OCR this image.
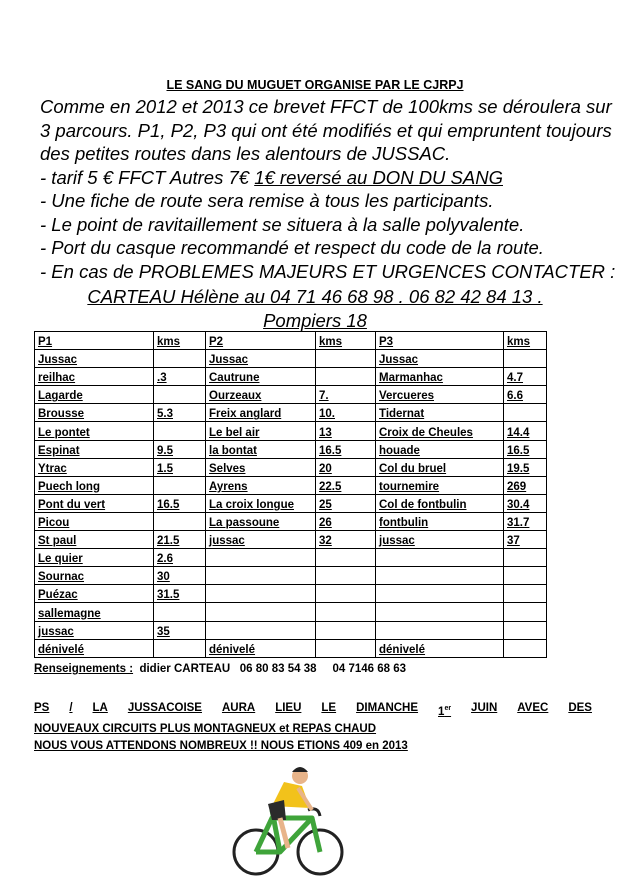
LE SANG DU MUGUET ORGANISE PAR LE CJRPJ
Comme en 2012 et 2013 ce brevet FFCT de 100kms se déroulera sur
3 parcours. P1, P2, P3 qui ont été modifiés et qui empruntent toujours
des petites routes dans les alentours de JUSSAC.
- tarif 5 € FFCT Autres 7€ 1€ reversé au DON DU SANG
- Une fiche de route sera remise à tous les participants.
- Le point de ravitaillement se situera à la salle polyvalente.
- Port du casque recommandé et respect du code de la route.
- En cas de PROBLEMES MAJEURS ET URGENCES CONTACTER :
CARTEAU Hélène au 04 71 46 68 98 . 06 82 42 84 13 .
Pompiers 18
P1	kms	P2	kms	P3	kms
Jussac		Jussac		Jussac	
reilhac	.3	Cautrune		Marmanhac	4.7
Lagarde		Ourzeaux	7.	Vercueres	6.6
Brousse	5.3	Freix anglard	10.	Tidernat	
Le pontet		Le bel air	13	Croix de Cheules	14.4
Espinat	9.5	la bontat	16.5	houade	16.5
Ytrac	1.5	Selves	20	Col du bruel	19.5
Puech long		Ayrens	22.5	tournemire	269
Pont du vert	16.5	La croix longue	25	Col de fontbulin	30.4
Picou		La passoune	26	fontbulin	31.7
St paul	21.5	jussac	32	jussac	37
Le quier	2.6				
Sournac	30				
Puézac	31.5				
sallemagne					
jussac	35				
dénivelé		dénivelé		dénivelé	
Renseignements :  didier CARTEAU   06 80 83 54 38     04 7146 68 63
PS / LA JUSSACOISE AURA LIEU LE DIMANCHE 1er JUIN AVEC DES
NOUVEAUX CIRCUITS PLUS MONTAGNEUX et REPAS CHAUD
NOUS VOUS ATTENDONS NOMBREUX !! NOUS ETIONS 409 en 2013
